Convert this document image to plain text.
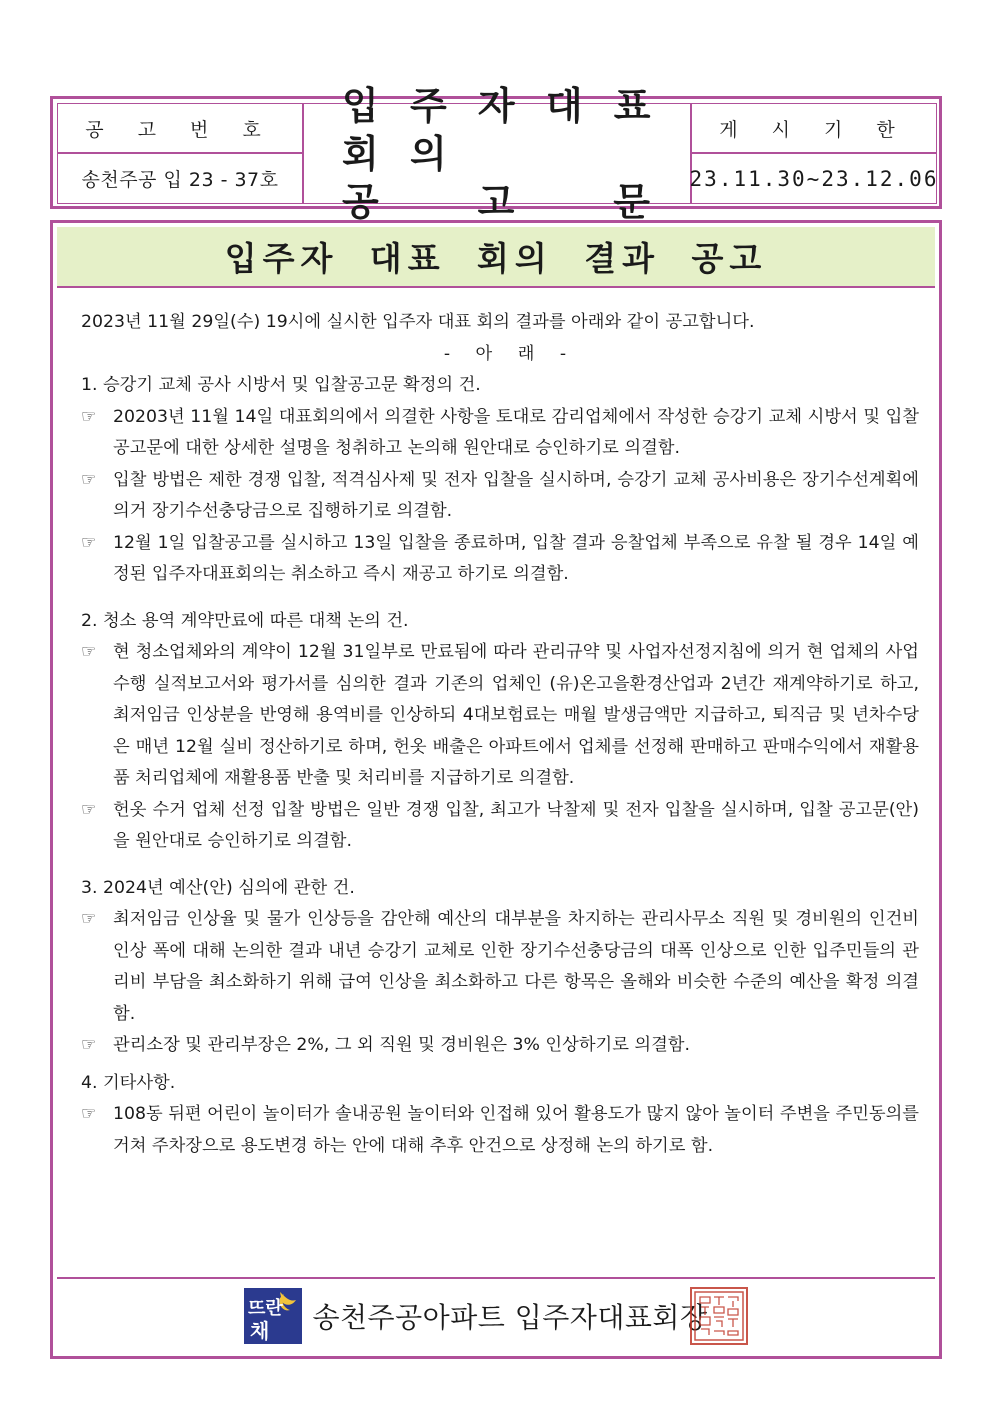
공 고 번 호
송천주공 입 23 - 37호
입 주 자 대 표 회 의
공	고	문
게 시 기 한
23.11.30~23.12.06
입주자 대표 회의 결과 공고

2023년 11월 29일(수) 19시에 실시한 입주자 대표 회의 결과를 아래와 같이 공고합니다.

- 아 래 -

1. 승강기 교체 공사 시방서 및 입찰공고문 확정의 건.

☞ 20203년 11월 14일 대표회의에서 의결한 사항을 토대로 감리업체에서 작성한 승강기 교체 시방서 및 입찰공고문에 대한 상세한 설명을 청취하고 논의해 원안대로 승인하기로 의결함.
☞ 입찰 방법은 제한 경쟁 입찰, 적격심사제 및 전자 입찰을 실시하며, 승강기 교체 공사비용은 장기수선계획에 의거 장기수선충당금으로 집행하기로 의결함.
☞ 12월 1일 입찰공고를 실시하고 13일 입찰을 종료하며, 입찰 결과 응찰업체 부족으로 유찰 될 경우 14일 예정된 입주자대표회의는 취소하고 즉시 재공고 하기로 의결함.

2. 청소 용역 계약만료에 따른 대책 논의 건.

☞ 현 청소업체와의 계약이 12월 31일부로 만료됨에 따라 관리규약 및 사업자선정지침에 의거 현 업체의 사업수행 실적보고서와 평가서를 심의한 결과 기존의 업체인 (유)온고을환경산업과 2년간 재계약하기로 하고, 최저임금 인상분을 반영해 용역비를 인상하되 4대보험료는 매월 발생금액만 지급하고, 퇴직금 및 년차수당은 매년 12월 실비 정산하기로 하며, 헌옷 배출은 아파트에서 업체를 선정해 판매하고 판매수익에서 재활용품 처리업체에 재활용품 반출 및 처리비를 지급하기로 의결함.
☞ 헌옷 수거 업체 선정 입찰 방법은 일반 경쟁 입찰, 최고가 낙찰제 및 전자 입찰을 실시하며, 입찰 공고문(안)을 원안대로 승인하기로 의결함.

3. 2024년 예산(안) 심의에 관한 건.

☞ 최저임금 인상율 및 물가 인상등을 감안해 예산의 대부분을 차지하는 관리사무소 직원 및 경비원의 인건비 인상 폭에 대해 논의한 결과 내년 승강기 교체로 인한 장기수선충당금의 대폭 인상으로 인한 입주민들의 관리비 부담을 최소화하기 위해 급여 인상을 최소화하고 다른 항목은 올해와 비슷한 수준의 예산을 확정 의결함.
☞ 관리소장 및 관리부장은 2%, 그 외 직원 및 경비원은 3% 인상하기로 의결함.

4. 기타사항.

☞ 108동 뒤편 어린이 놀이터가 솔내공원 놀이터와 인접해 있어 활용도가 많지 않아 놀이터 주변을 주민동의를 거쳐 주차장으로 용도변경 하는 안에 대해 추후 안건으로 상정해 논의 하기로 함.
뜨란
채 송천주공아파트 입주자대표회장
